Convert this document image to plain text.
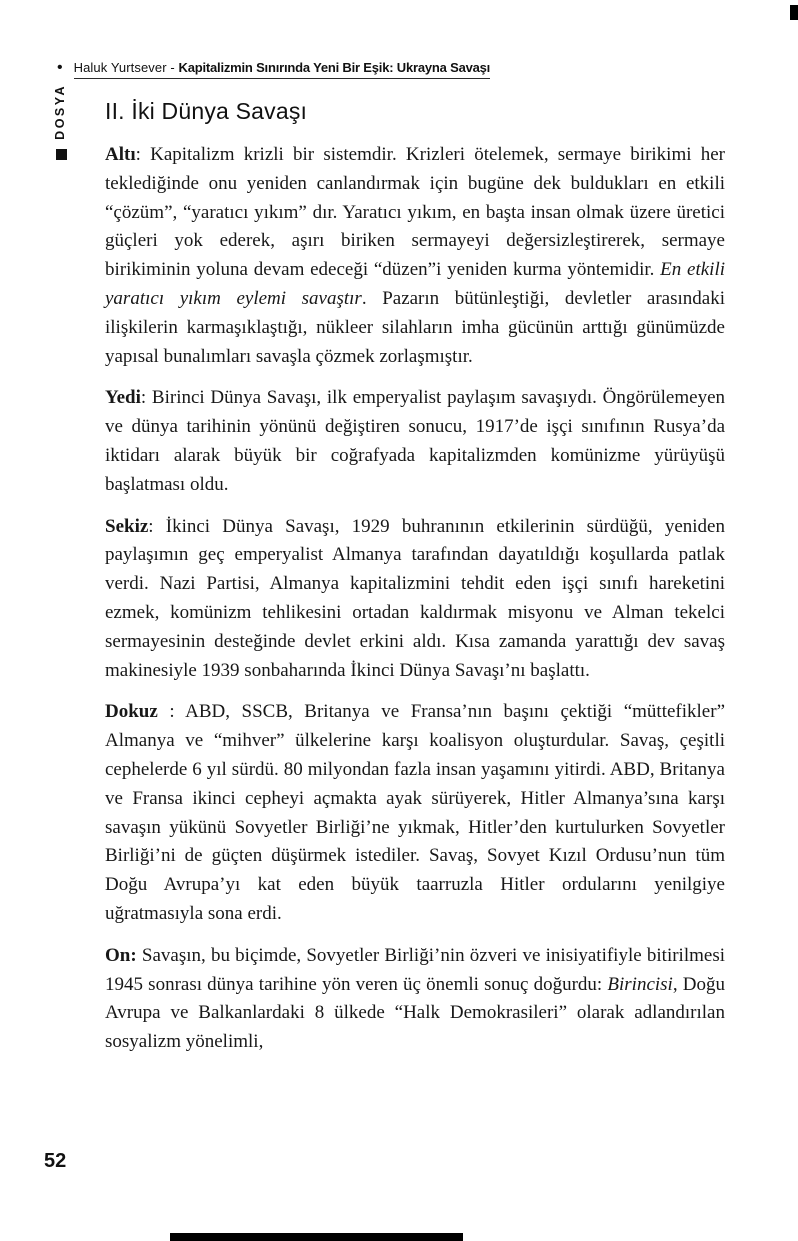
• Haluk Yurtsever - Kapitalizmin Sınırında Yeni Bir Eşik: Ukrayna Savaşı
DOSYA II. İki Dünya Savaşı

Altı: Kapitalizm krizli bir sistemdir. Krizleri ötelemek, sermaye birikimi her teklediğinde onu yeniden canlandırmak için bugüne dek buldukları en etkili “çözüm”, “yaratıcı yıkım” dır. Yaratıcı yıkım, en başta insan olmak üzere üretici güçleri yok ederek, aşırı biriken sermayeyi değersizleştirerek, sermaye birikiminin yoluna devam edeceği “düzen”i yeniden kurma yöntemidir. En etkili yaratıcı yıkım eylemi savaştır. Pazarın bütünleştiği, devletler arasındaki ilişkilerin karmaşıklaştığı, nükleer silahların imha gücünün arttığı günümüzde yapısal bunalımları savaşla çözmek zorlaşmıştır.

Yedi: Birinci Dünya Savaşı, ilk emperyalist paylaşım savaşıydı. Öngörülemeyen ve dünya tarihinin yönünü değiştiren sonucu, 1917’de işçi sınıfının Rusya’da iktidarı alarak büyük bir coğrafyada kapitalizmden komünizme yürüyüşü başlatması oldu.

Sekiz: İkinci Dünya Savaşı, 1929 buhranının etkilerinin sürdüğü, yeniden paylaşımın geç emperyalist Almanya tarafından dayatıldığı koşullarda patlak verdi. Nazi Partisi, Almanya kapitalizmini tehdit eden işçi sınıfı hareketini ezmek, komünizm tehlikesini ortadan kaldırmak misyonu ve Alman tekelci sermayesinin desteğinde devlet erkini aldı. Kısa zamanda yarattığı dev savaş makinesiyle 1939 sonbaharında İkinci Dünya Savaşı’nı başlattı.

Dokuz : ABD, SSCB, Britanya ve Fransa’nın başını çektiği “müttefikler” Almanya ve “mihver” ülkelerine karşı koalisyon oluşturdular. Savaş, çeşitli cephelerde 6 yıl sürdü. 80 milyondan fazla insan yaşamını yitirdi. ABD, Britanya ve Fransa ikinci cepheyi açmakta ayak sürüyerek, Hitler Almanya’sına karşı savaşın yükünü Sovyetler Birliği’ne yıkmak, Hitler’den kurtulurken Sovyetler Birliği’ni de güçten düşürmek istediler. Savaş, Sovyet Kızıl Ordusu’nun tüm Doğu Avrupa’yı kat eden büyük taarruzla Hitler ordularını yenilgiye uğratmasıyla sona erdi.

On: Savaşın, bu biçimde, Sovyetler Birliği’nin özveri ve inisiyatifiyle bitirilmesi 1945 sonrası dünya tarihine yön veren üç önemli sonuç doğurdu: Birincisi, Doğu Avrupa ve Balkanlardaki 8 ülkede “Halk Demokrasileri” olarak adlandırılan sosyalizm yönelimli,

52
